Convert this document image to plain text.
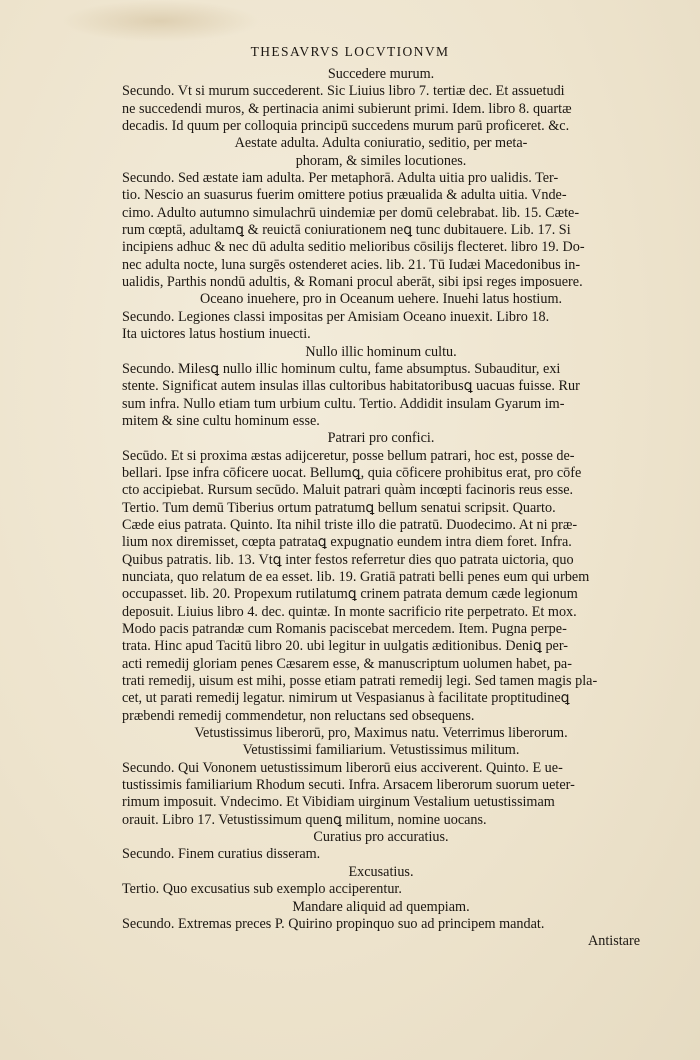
THESAVRVS LOCVTIONVM
Succedere murum.

Secundo. Vt si murum succederent. Sic Liuius libro 7. tertiæ dec. Et assuetudi
ne succedendi muros, & pertinacia animi subierunt primi. Idem. libro 8. quartæ
decadis. Id quum per colloquia principū succedens murum parū proficeret. &c.

Aestate adulta. Adulta coniuratio, seditio, per meta-
phoram, & similes locutiones.

Secundo. Sed æstate iam adulta. Per metaphorā. Adulta uitia pro ualidis. Ter-
tio. Nescio an suasurus fuerim omittere potius præualida & adulta uitia. Vnde-
cimo. Adulto autumno simulachrū uindemiæ per domū celebrabat. lib. 15. Cæte-
rum cœptā, adultamꝗ & reuictā coniurationem neꝗ tunc dubitauere. Lib. 17. Si
incipiens adhuc & nec dū adulta seditio melioribus cōsilijs flecteret. libro 19. Do-
nec adulta nocte, luna surgēs ostenderet acies. lib. 21. Tū Iudæi Macedonibus in-
ualidis, Parthis nondū adultis, & Romani procul aberāt, sibi ipsi reges imposuere.

Oceano inuehere, pro in Oceanum uehere. Inuehi latus hostium.

Secundo. Legiones classi impositas per Amisiam Oceano inuexit. Libro 18.
Ita uictores latus hostium inuecti.

Nullo illic hominum cultu.

Secundo. Milesꝗ nullo illic hominum cultu, fame absumptus. Subauditur, exi
stente. Significat autem insulas illas cultoribus habitatoribusꝗ uacuas fuisse. Rur
sum infra. Nullo etiam tum urbium cultu. Tertio. Addidit insulam Gyarum im-
mitem & sine cultu hominum esse.

Patrari pro confici.

Secūdo. Et si proxima æstas adijceretur, posse bellum patrari, hoc est, posse de-
bellari. Ipse infra cōficere uocat. Bellumꝗ, quia cōficere prohibitus erat, pro cōfe
cto accipiebat. Rursum secūdo. Maluit patrari quàm incœpti facinoris reus esse.
Tertio. Tum demū Tiberius ortum patratumꝗ bellum senatui scripsit. Quarto.
Cæde eius patrata. Quinto. Ita nihil triste illo die patratū. Duodecimo. At ni præ-
lium nox diremisset, cœpta patrataꝗ expugnatio eundem intra diem foret. Infra.
Quibus patratis. lib. 13. Vtꝗ inter festos referretur dies quo patrata uictoria, quo
nunciata, quo relatum de ea esset. lib. 19. Gratiā patrati belli penes eum qui urbem
occupasset. lib. 20. Propexum rutilatumꝗ crinem patrata demum cæde legionum
deposuit. Liuius libro 4. dec. quintæ. In monte sacrificio rite perpetrato. Et mox.
Modo pacis patrandæ cum Romanis paciscebat mercedem. Item. Pugna perpe-
trata. Hinc apud Tacitū libro 20. ubi legitur in uulgatis æditionibus. Deniꝗ per-
acti remedij gloriam penes Cæsarem esse, & manuscriptum uolumen habet, pa-
trati remedij, uisum est mihi, posse etiam patrati remedij legi. Sed tamen magis pla-
cet, ut parati remedij legatur. nimirum ut Vespasianus à facilitate proptitudineꝗ
præbendi remedij commendetur, non reluctans sed obsequens.

Vetustissimus liberorū, pro, Maximus natu. Veterrimus liberorum.
Vetustissimi familiarium. Vetustissimus militum.

Secundo. Qui Vononem uetustissimum liberorū eius acciverent. Quinto. E ue-
tustissimis familiarium Rhodum secuti. Infra. Arsacem liberorum suorum ueter-
rimum imposuit. Vndecimo. Et Vibidiam uirginum Vestalium uetustissimam
orauit. Libro 17. Vetustissimum quenꝗ militum, nomine uocans.

Curatius pro accuratius.

Secundo. Finem curatius disseram.

Excusatius.

Tertio. Quo excusatius sub exemplo acciperentur.

Mandare aliquid ad quempiam.

Secundo. Extremas preces P. Quirino propinquo suo ad principem mandat.

Antistare
